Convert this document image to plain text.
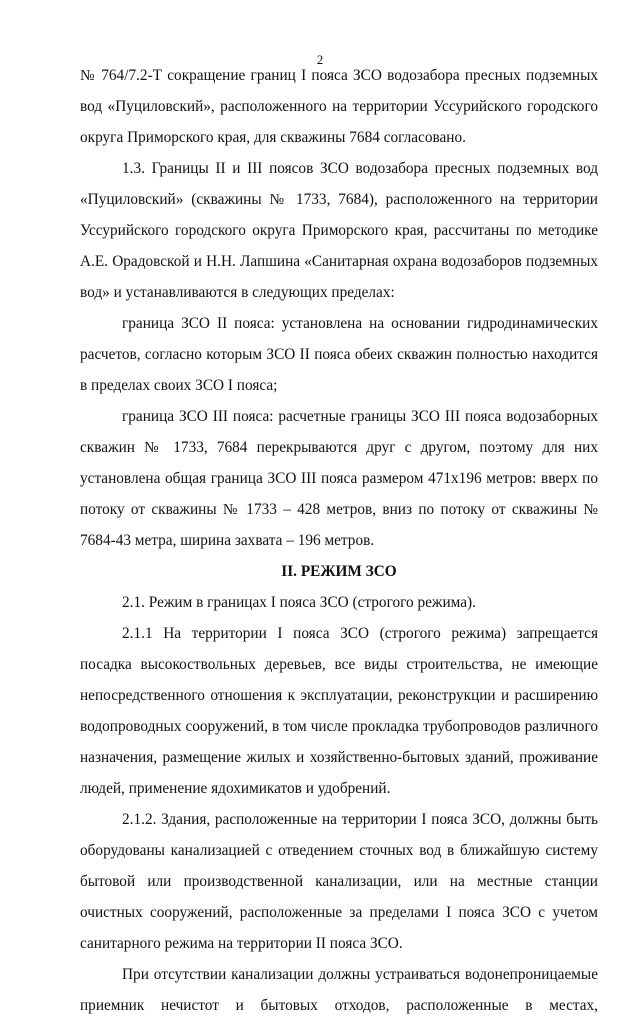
2

№ 764/7.2-Т сокращение границ I пояса ЗСО водозабора пресных подземных вод «Пуциловский», расположенного на территории Уссурийского городского округа Приморского края, для скважины 7684 согласовано.

1.3. Границы II и III поясов ЗСО водозабора пресных подземных вод «Пуциловский» (скважины № 1733, 7684), расположенного на территории Уссурийского городского округа Приморского края, рассчитаны по методике А.Е. Орадовской и Н.Н. Лапшина «Санитарная охрана водозаборов подземных вод» и устанавливаются в следующих пределах:

граница ЗСО II пояса: установлена на основании гидродинамических расчетов, согласно которым ЗСО II пояса обеих скважин полностью находится в пределах своих ЗСО I пояса;

граница ЗСО III пояса: расчетные границы ЗСО III пояса водозаборных скважин № 1733, 7684 перекрываются друг с другом, поэтому для них установлена общая граница ЗСО III пояса размером 471х196 метров: вверх по потоку от скважины № 1733 – 428 метров, вниз по потоку от скважины № 7684-43 метра, ширина захвата – 196 метров.

II. РЕЖИМ ЗСО

2.1. Режим в границах I пояса ЗСО (строгого режима).

2.1.1 На территории I пояса ЗСО (строгого режима) запрещается посадка высокоствольных деревьев, все виды строительства, не имеющие непосредственного отношения к эксплуатации, реконструкции и расширению водопроводных сооружений, в том числе прокладка трубопроводов различного назначения, размещение жилых и хозяйственно-бытовых зданий, проживание людей, применение ядохимикатов и удобрений.

2.1.2. Здания, расположенные на территории I пояса ЗСО, должны быть оборудованы канализацией с отведением сточных вод в ближайшую систему бытовой или производственной канализации, или на местные станции очистных сооружений, расположенные за пределами I пояса ЗСО с учетом санитарного режима на территории II пояса ЗСО.

При отсутствии канализации должны устраиваться водонепроницаемые приемник нечистот и бытовых отходов, расположенные в местах,
